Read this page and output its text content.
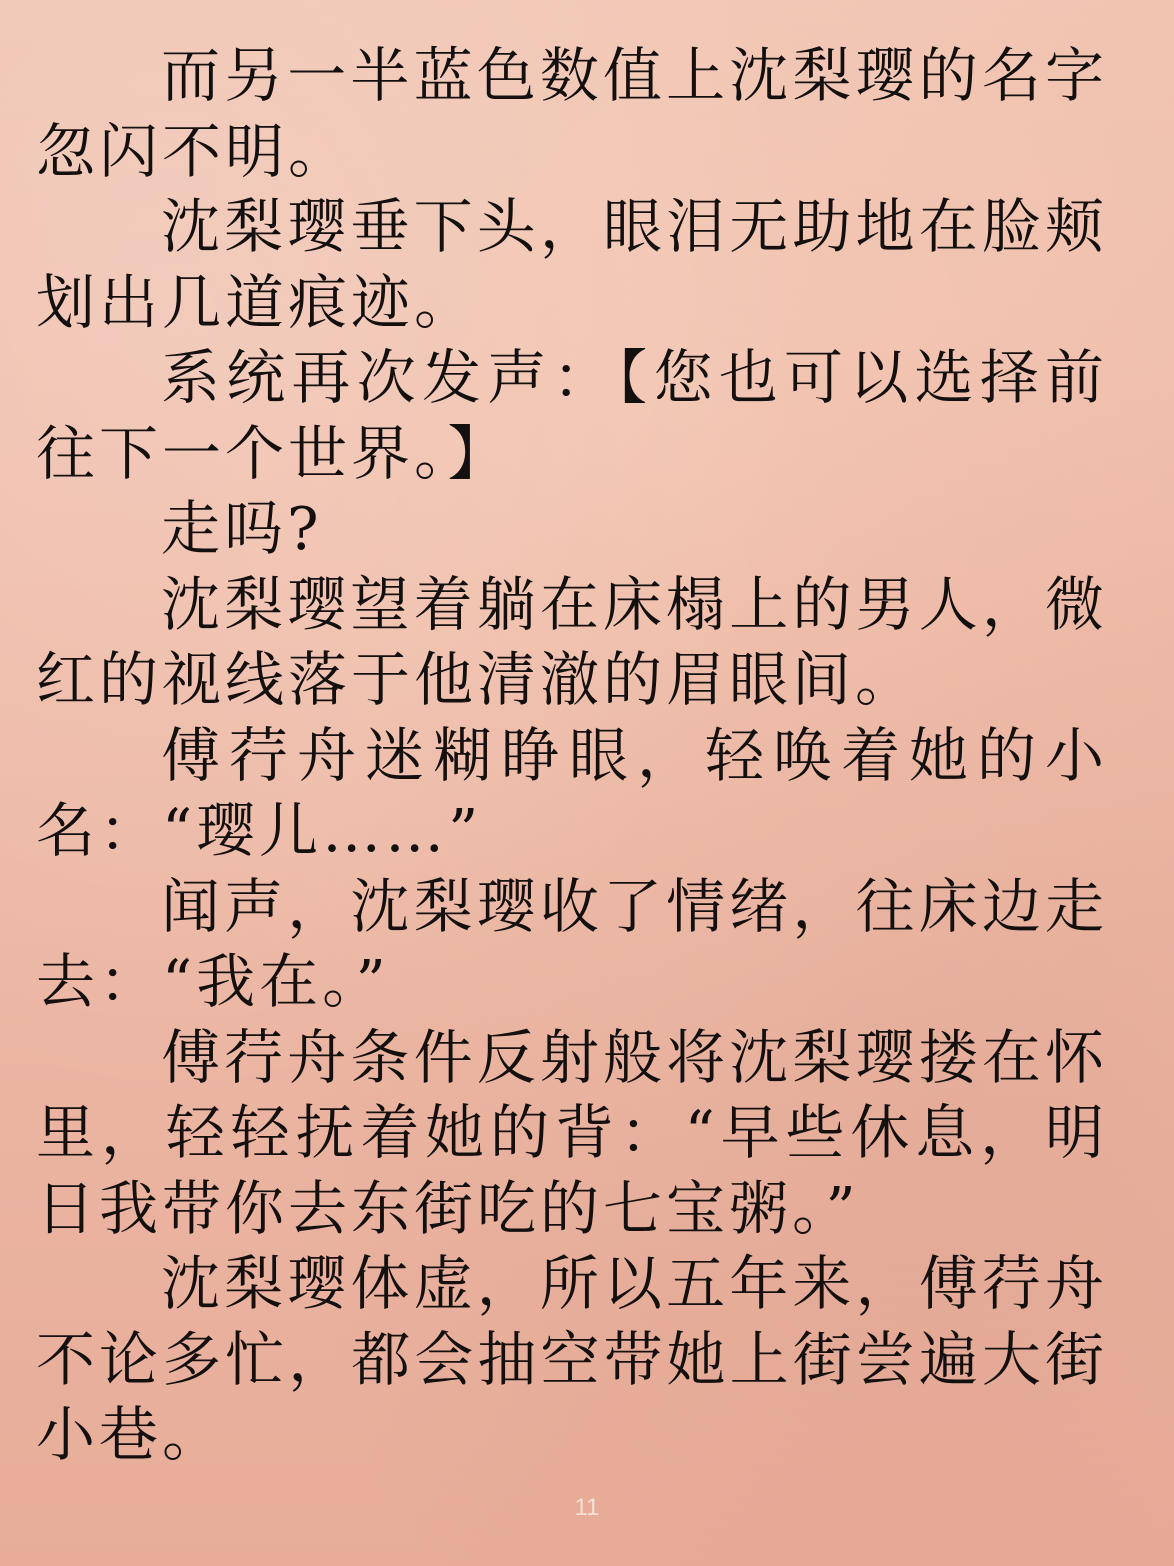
而另一半蓝色数值上沈梨璎的名字忽闪不明。

沈梨璎垂下头，眼泪无助地在脸颊划出几道痕迹。

系统再次发声：【您也可以选择前往下一个世界。】

走吗?

沈梨璎望着躺在床榻上的男人，微红的视线落于他清澈的眉眼间。

傅荇舟迷糊睁眼，轻唤着她的小名：“璎儿……”

闻声，沈梨璎收了情绪，往床边走去：“我在。”

傅荇舟条件反射般将沈梨璎搂在怀里，轻轻抚着她的背：“早些休息，明日我带你去东街吃的七宝粥。”

沈梨璎体虚，所以五年来，傅荇舟不论多忙，都会抽空带她上街尝遍大街小巷。

11
